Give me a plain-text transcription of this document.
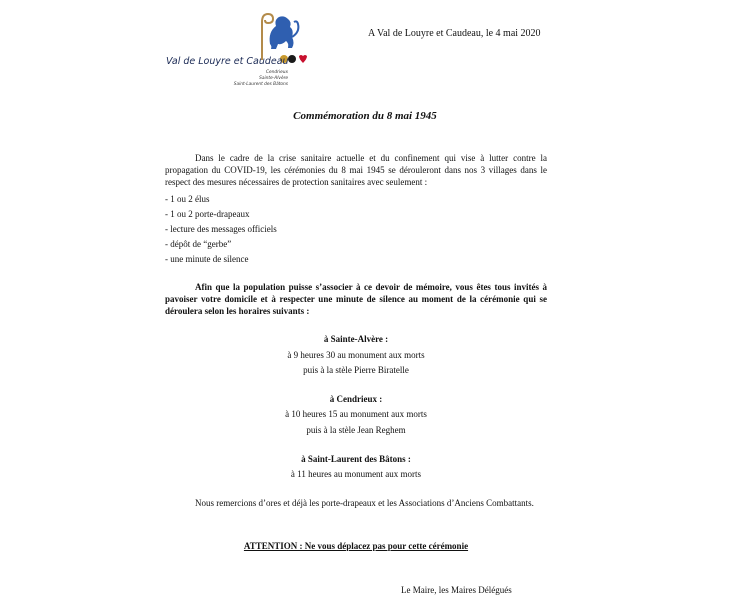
Val de Louyre et Caudeau
Cendrieux
Sainte-Alvère
Saint-Laurent des Bâtons
A Val de Louyre et Caudeau, le 4 mai 2020
Commémoration du 8 mai 1945
Dans le cadre de la crise sanitaire actuelle et du confinement qui vise à lutter contre la propagation du COVID-19, les cérémonies du 8 mai 1945 se dérouleront dans nos 3 villages dans le respect des mesures nécessaires de protection sanitaires avec seulement :
- 1 ou 2 élus
- 1 ou 2 porte-drapeaux
- lecture des messages officiels
- dépôt de “gerbe”
- une minute de silence
Afin que la population puisse s’associer à ce devoir de mémoire, vous êtes tous invités à pavoiser votre domicile et à respecter une minute de silence au moment de la cérémonie qui se déroulera selon les horaires suivants :
à Sainte-Alvère :
à 9 heures 30 au monument aux morts
puis à la stèle Pierre Biratelle
à Cendrieux :
à 10 heures 15 au monument aux morts
puis à la stèle Jean Reghem
à Saint-Laurent des Bâtons :
à 11 heures au monument aux morts
Nous remercions d’ores et déjà les porte-drapeaux et les Associations d’Anciens Combattants.
ATTENTION : Ne vous déplacez pas pour cette cérémonie
Le Maire, les Maires Délégués
